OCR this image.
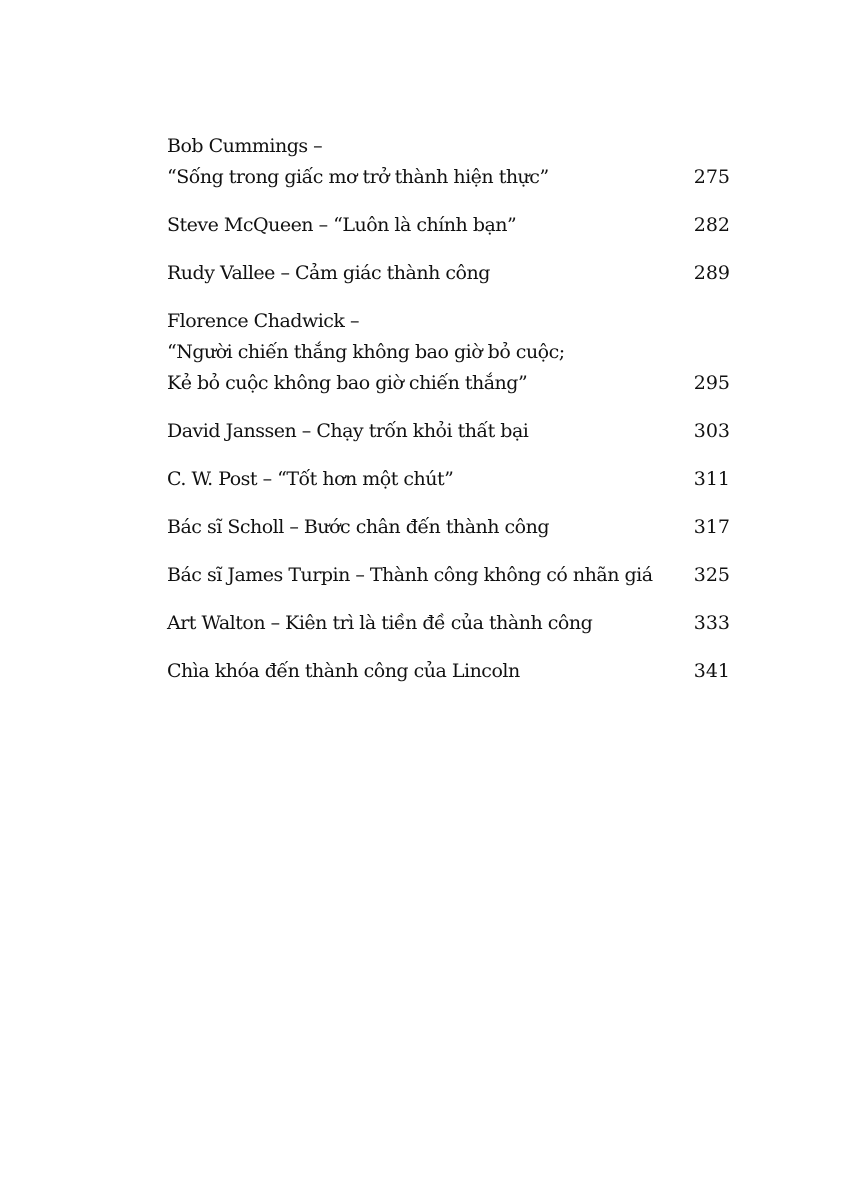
Bob Cummings –
“Sống trong giấc mơ trở thành hiện thực”	275
Steve McQueen – “Luôn là chính bạn”	282
Rudy Vallee – Cảm giác thành công	289
Florence Chadwick –
“Người chiến thắng không bao giờ bỏ cuộc;
Kẻ bỏ cuộc không bao giờ chiến thắng”	295
David Janssen – Chạy trốn khỏi thất bại	303
C. W. Post – “Tốt hơn một chút”	311
Bác sĩ Scholl – Bước chân đến thành công	317
Bác sĩ James Turpin – Thành công không có nhãn giá 325
Art Walton – Kiên trì là tiền đề của thành công	333
Chìa khóa đến thành công của Lincoln	341
